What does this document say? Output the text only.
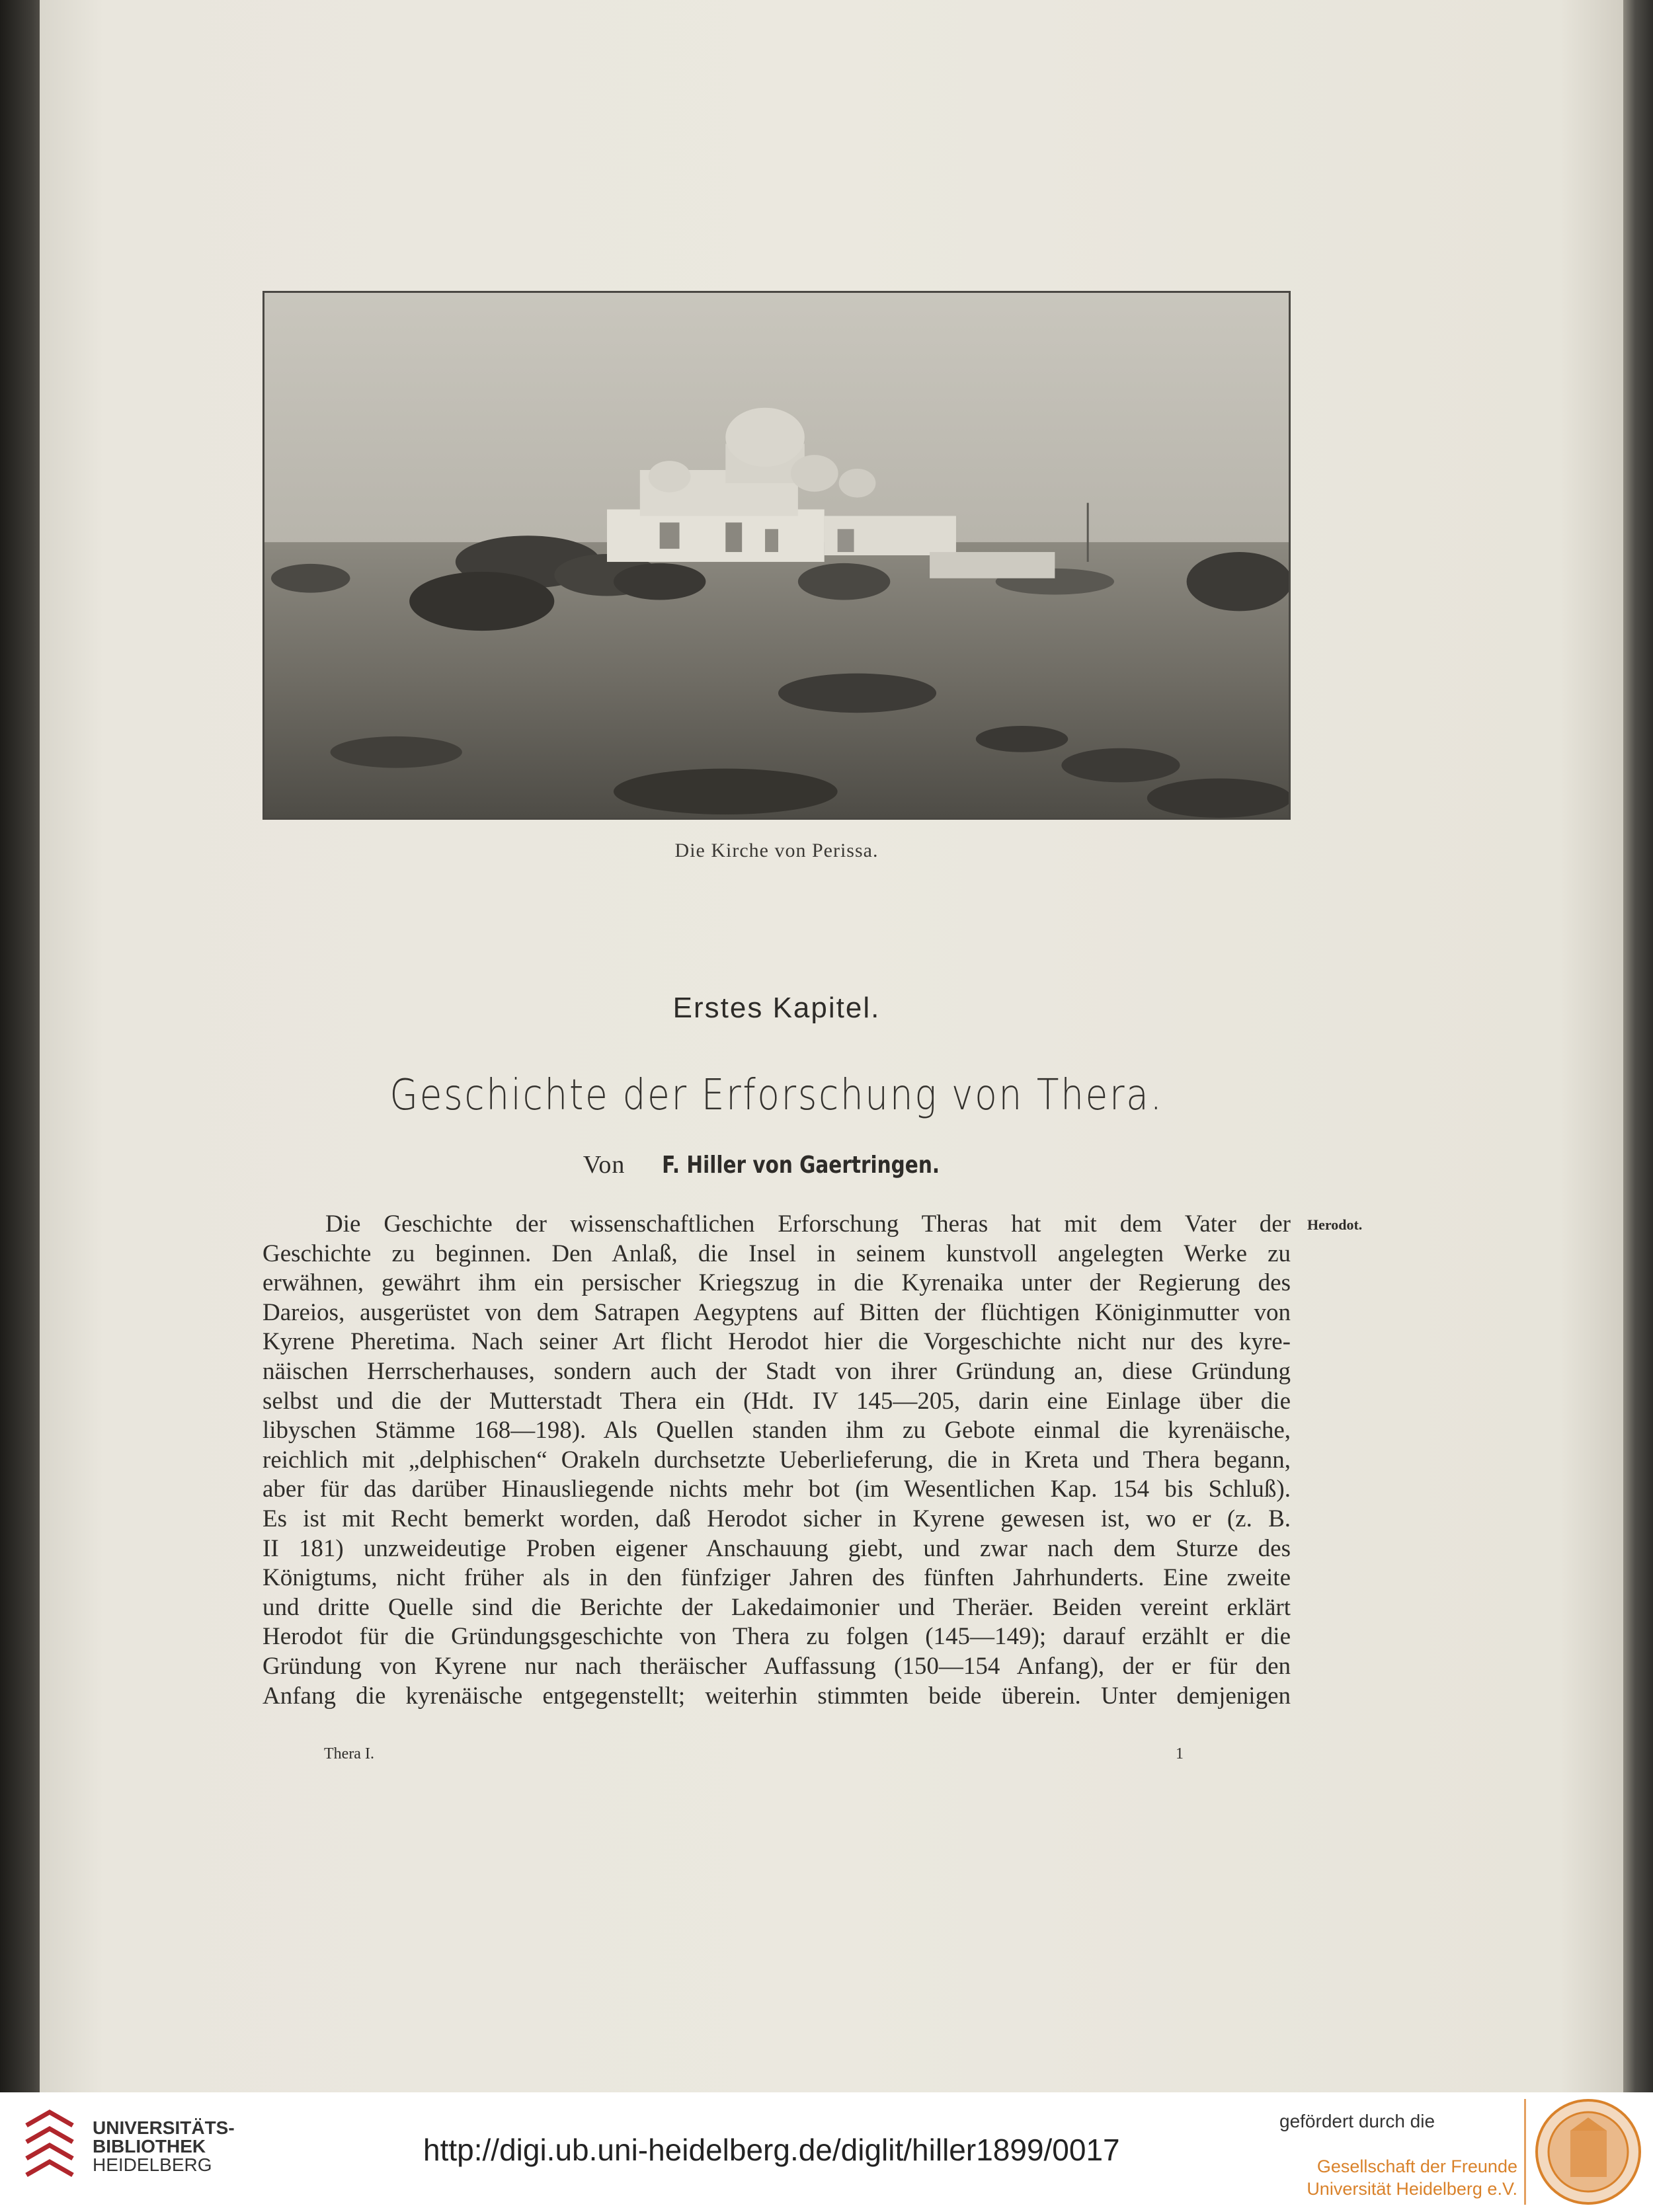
Die Kirche von Perissa.
Erstes Kapitel.
Geschichte der Erforschung von Thera.
Von F. Hiller von Gaertringen.
Herodot.
Die Geschichte der wissenschaftlichen Erforschung Theras hat mit dem Vater der
Geschichte zu beginnen. Den Anlaß, die Insel in seinem kunstvoll angelegten Werke zu
erwähnen, gewährt ihm ein persischer Kriegszug in die Kyrenaika unter der Regierung des
Dareios, ausgerüstet von dem Satrapen Aegyptens auf Bitten der flüchtigen Königinmutter von
Kyrene Pheretima. Nach seiner Art flicht Herodot hier die Vorgeschichte nicht nur des kyre-
näischen Herrscherhauses, sondern auch der Stadt von ihrer Gründung an, diese Gründung
selbst und die der Mutterstadt Thera ein (Hdt. IV 145—205, darin eine Einlage über die
libyschen Stämme 168—198). Als Quellen standen ihm zu Gebote einmal die kyrenäische,
reichlich mit „delphischen“ Orakeln durchsetzte Ueberlieferung, die in Kreta und Thera begann,
aber für das darüber Hinausliegende nichts mehr bot (im Wesentlichen Kap. 154 bis Schluß).
Es ist mit Recht bemerkt worden, daß Herodot sicher in Kyrene gewesen ist, wo er (z. B.
II 181) unzweideutige Proben eigener Anschauung giebt, und zwar nach dem Sturze des
Königtums, nicht früher als in den fünfziger Jahren des fünften Jahrhunderts. Eine zweite
und dritte Quelle sind die Berichte der Lakedaimonier und Theräer. Beiden vereint erklärt
Herodot für die Gründungsgeschichte von Thera zu folgen (145—149); darauf erzählt er die
Gründung von Kyrene nur nach theräischer Auffassung (150—154 Anfang), der er für den
Anfang die kyrenäische entgegenstellt; weiterhin stimmten beide überein. Unter demjenigen
Thera I.	1
UNIVERSITÄTS-
BIBLIOTHEK
HEIDELBERG	http://digi.ub.uni-heidelberg.de/diglit/hiller1899/0017
gefördert durch die
Gesellschaft der Freunde
Universität Heidelberg e.V.
